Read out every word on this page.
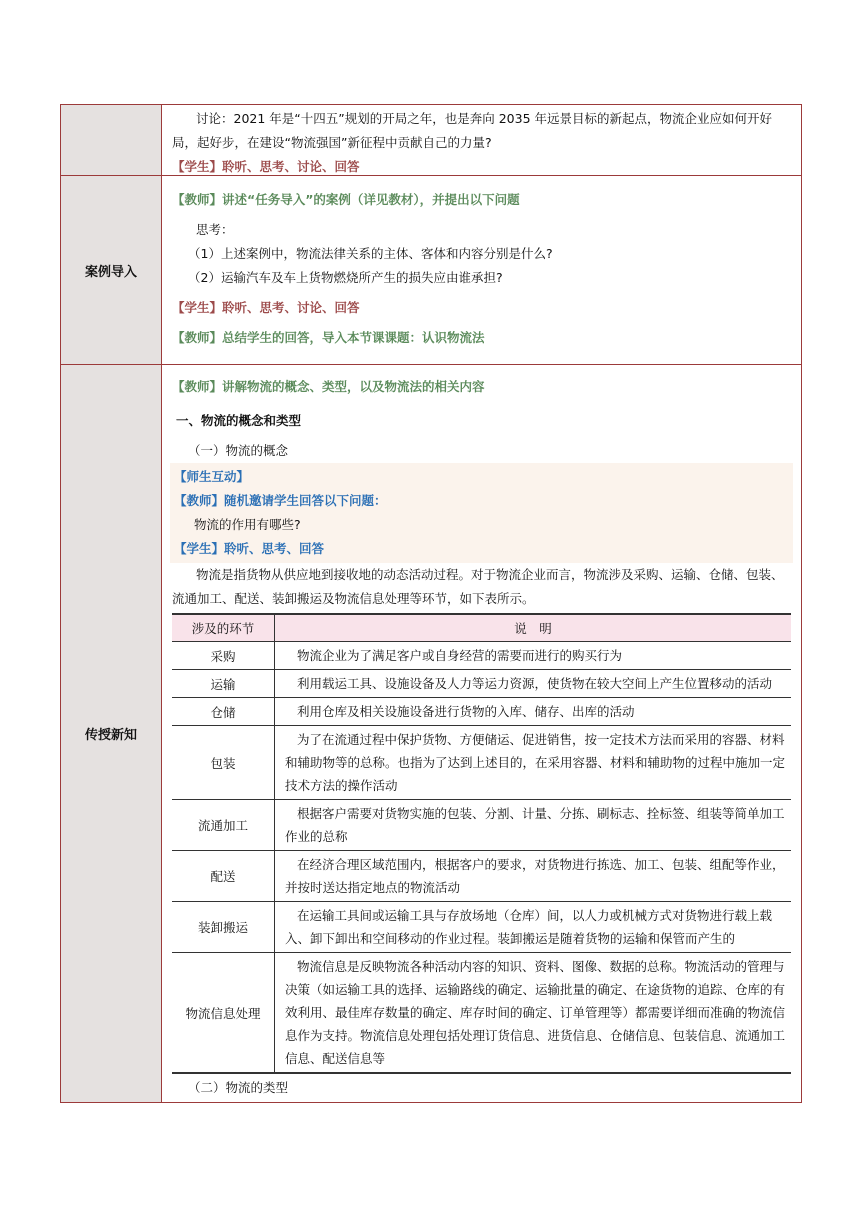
讨论：2021 年是“十四五”规划的开局之年，也是奔向 2035 年远景目标的新起点，物流企业应如何开好局，起好步，在建设“物流强国”新征程中贡献自己的力量?

【学生】聆听、思考、讨论、回答

案例导入

【教师】讲述“任务导入”的案例（详见教材），并提出以下问题

思考：

（1）上述案例中，物流法律关系的主体、客体和内容分别是什么?

（2）运输汽车及车上货物燃烧所产生的损失应由谁承担?

【学生】聆听、思考、讨论、回答

【教师】总结学生的回答，导入本节课课题：认识物流法

传授新知

【教师】讲解物流的概念、类型，以及物流法的相关内容

一、物流的概念和类型

（一）物流的概念

【师生互动】

【教师】随机邀请学生回答以下问题：

物流的作用有哪些?

【学生】聆听、思考、回答

物流是指货物从供应地到接收地的动态活动过程。对于物流企业而言，物流涉及采购、运输、仓储、包装、流通加工、配送、装卸搬运及物流信息处理等环节，如下表所示。

涉及的环节	说　明
采购	物流企业为了满足客户或自身经营的需要而进行的购买行为
运输	利用载运工具、设施设备及人力等运力资源，使货物在较大空间上产生位置移动的活动
仓储	利用仓库及相关设施设备进行货物的入库、储存、出库的活动
包装	为了在流通过程中保护货物、方便储运、促进销售，按一定技术方法而采用的容器、材料和辅助物等的总称。也指为了达到上述目的，在采用容器、材料和辅助物的过程中施加一定技术方法的操作活动
流通加工	根据客户需要对货物实施的包装、分割、计量、分拣、刷标志、拴标签、组装等简单加工作业的总称
配送	在经济合理区域范围内，根据客户的要求，对货物进行拣选、加工、包装、组配等作业，并按时送达指定地点的物流活动
装卸搬运	在运输工具间或运输工具与存放场地（仓库）间，以人力或机械方式对货物进行载上载入、卸下卸出和空间移动的作业过程。装卸搬运是随着货物的运输和保管而产生的
物流信息处理	物流信息是反映物流各种活动内容的知识、资料、图像、数据的总称。物流活动的管理与决策（如运输工具的选择、运输路线的确定、运输批量的确定、在途货物的追踪、仓库的有效利用、最佳库存数量的确定、库存时间的确定、订单管理等）都需要详细而准确的物流信息作为支持。物流信息处理包括处理订货信息、进货信息、仓储信息、包装信息、流通加工信息、配送信息等

（二）物流的类型
